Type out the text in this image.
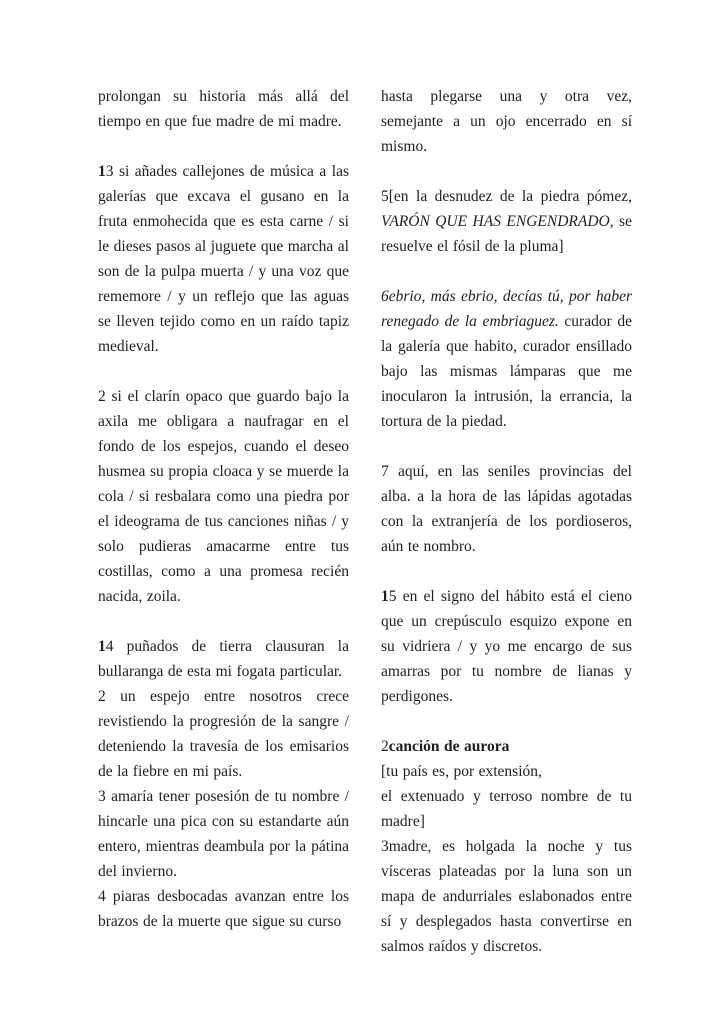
prolongan su historia más allá del tiempo en que fue madre de mi madre.

13 si añades callejones de música a las galerías que excava el gusano en la fruta enmohecida que es esta carne / si le dieses pasos al juguete que marcha al son de la pulpa muerta / y una voz que rememore / y un reflejo que las aguas se lleven tejido como en un raído tapiz medieval.

2 si el clarín opaco que guardo bajo la axila me obligara a naufragar en el fondo de los espejos, cuando el deseo husmea su propia cloaca y se muerde la cola / si resbalara como una piedra por el ideograma de tus canciones niñas / y solo pudieras amacarme entre tus costillas, como a una promesa recién nacida, zoila.

14 puñados de tierra clausuran la bullaranga de esta mi fogata particular.

2 un espejo entre nosotros crece revistiendo la progresión de la sangre / deteniendo la travesía de los emisarios de la fiebre en mi país.

3 amaría tener posesión de tu nombre / hincarle una pica con su estandarte aún entero, mientras deambula por la pátina del invierno.

4 piaras desbocadas avanzan entre los brazos de la muerte que sigue su curso

hasta plegarse una y otra vez, semejante a un ojo encerrado en sí mismo.

5[en la desnudez de la piedra pómez, VARÓN QUE HAS ENGENDRADO, se resuelve el fósil de la pluma]

6ebrio, más ebrio, decías tú, por haber renegado de la embriaguez. curador de la galería que habito, curador ensillado bajo las mismas lámparas que me inocularon la intrusión, la errancia, la tortura de la piedad.

7 aquí, en las seniles provincias del alba. a la hora de las lápidas agotadas con la extranjería de los pordioseros, aún te nombro.

15 en el signo del hábito está el cieno que un crepúsculo esquizo expone en su vidriera / y yo me encargo de sus amarras por tu nombre de lianas y perdigones.

2canción de aurora

[tu país es, por extensión,

el extenuado y terroso nombre de tu madre]

3madre, es holgada la noche y tus vísceras plateadas por la luna son un mapa de andurriales eslabonados entre sí y desplegados hasta convertirse en salmos raídos y discretos.
